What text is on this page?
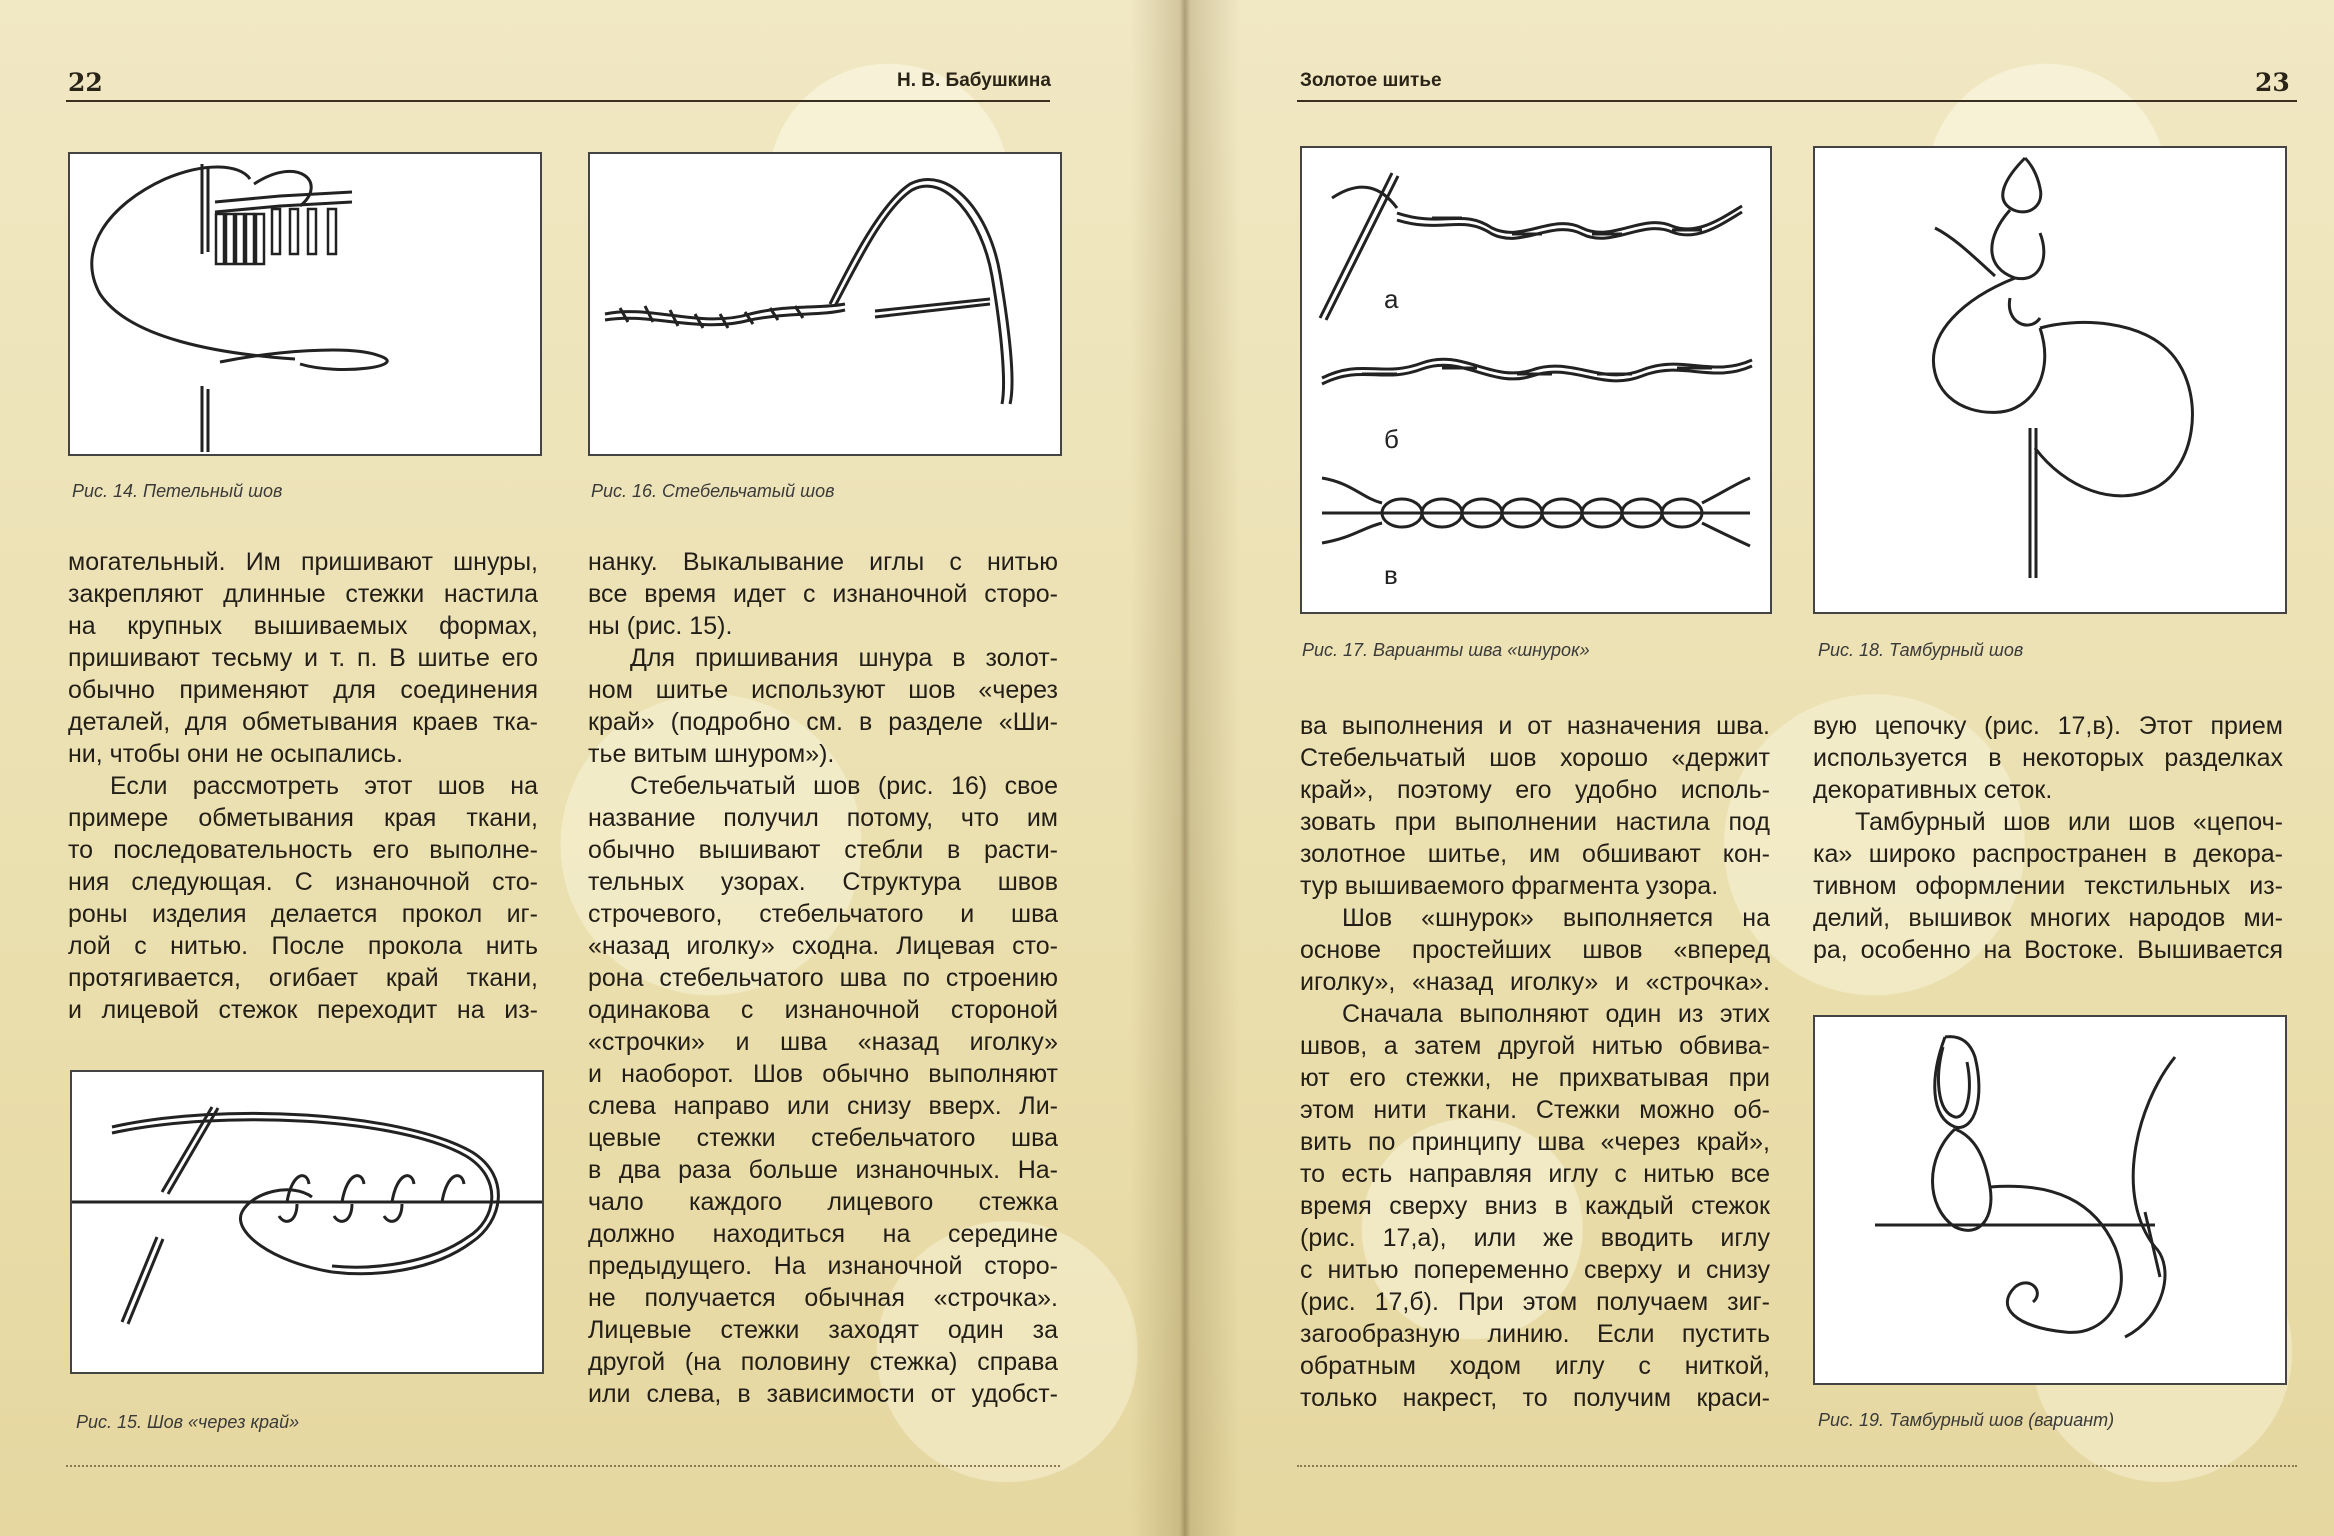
22	Н. В. Бабушкина
Рис. 14. Петельный шов	Рис. 16. Стебельчатый шов
могательный. Им пришивают шнуры,
закрепляют длинные стежки настила
на крупных вышиваемых формах,
пришивают тесьму и т. п. В шитье его
обычно применяют для соединения
деталей, для обметывания краев тка-
ни, чтобы они не осыпались.
Если рассмотреть этот шов на
примере обметывания края ткани,
то последовательность его выполне-
ния следующая. С изнаночной сто-
роны изделия делается прокол иг-
лой с нитью. После прокола нить
протягивается, огибает край ткани,
и лицевой стежок переходит на из-
Рис. 15. Шов «через край»
нанку. Выкалывание иглы с нитью
все время идет с изнаночной сторо-
ны (рис. 15).
Для пришивания шнура в золот-
ном шитье используют шов «через
край» (подробно см. в разделе «Ши-
тье витым шнуром»).
Стебельчатый шов (рис. 16) свое
название получил потому, что им
обычно вышивают стебли в расти-
тельных узорах. Структура швов
строчевого, стебельчатого и шва
«назад иголку» сходна. Лицевая сто-
рона стебельчатого шва по строению
одинакова с изнаночной стороной
«строчки» и шва «назад иголку»
и наоборот. Шов обычно выполняют
слева направо или снизу вверх. Ли-
цевые стежки стебельчатого шва
в два раза больше изнаночных. На-
чало каждого лицевого стежка
должно находиться на середине
предыдущего. На изнаночной сторо-
не получается обычная «строчка».
Лицевые стежки заходят один за
другой (на половину стежка) справа
или слева, в зависимости от удобст-
Золотое шитье	23
а
б
в
Рис. 17. Варианты шва «шнурок»	Рис. 18. Тамбурный шов
ва выполнения и от назначения шва.
Стебельчатый шов хорошо «держит
край», поэтому его удобно исполь-
зовать при выполнении настила под
золотное шитье, им обшивают кон-
тур вышиваемого фрагмента узора.
Шов «шнурок» выполняется на
основе простейших швов «вперед
иголку», «назад иголку» и «строчка».
Сначала выполняют один из этих
швов, а затем другой нитью обвива-
ют его стежки, не прихватывая при
этом нити ткани. Стежки можно об-
вить по принципу шва «через край»,
то есть направляя иглу с нитью все
время сверху вниз в каждый стежок
(рис. 17,а), или же вводить иглу
с нитью попеременно сверху и снизу
(рис. 17,б). При этом получаем зиг-
загообразную линию. Если пустить
обратным ходом иглу с ниткой,
только накрест, то получим краси-
вую цепочку (рис. 17,в). Этот прием
используется в некоторых разделках
декоративных сеток.
Тамбурный шов или шов «цепоч-
ка» широко распространен в декора-
тивном оформлении текстильных из-
делий, вышивок многих народов ми-
ра, особенно на Востоке. Вышивается
Рис. 19. Тамбурный шов (вариант)
